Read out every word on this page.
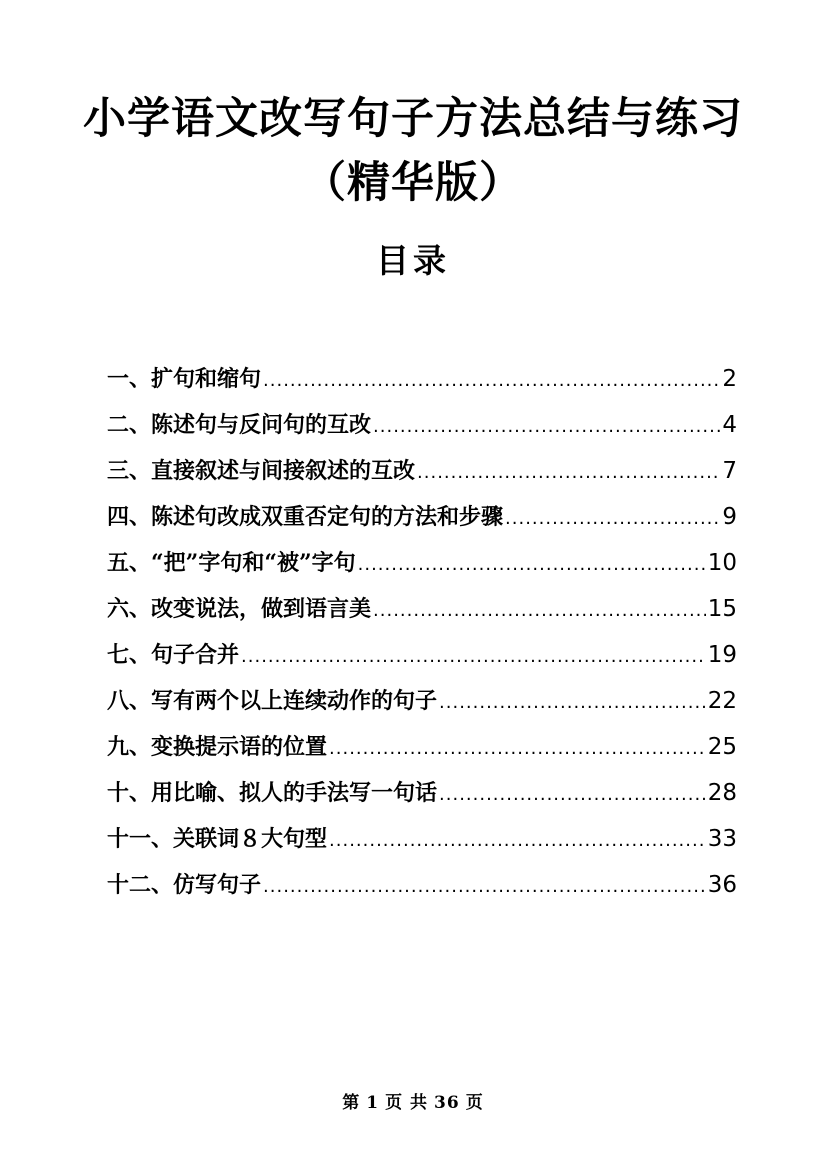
小学语文改写句子方法总结与练习
（精华版）
目录
一、 扩句和缩句 .....	2
二、 陈述句与反问句的互改 .....	4
三、 直接叙述与间接叙述的互改 .....	7
四、 陈述句改成双重否定句的方法和步骤 .....	9
五、 “把”字句和“被”字句 .....	10
六、 改变说法，做到语言美 .....	15
七、 句子合并 .....	19
八、 写有两个以上连续动作的句子 .....	22
九、 变换提示语的位置 .....	25
十、 用比喻、拟人的手法写一句话 .....	28
十一、 关联词８大句型 .....	33
十二、 仿写句子 .....	36
第 1 页 共 36 页
